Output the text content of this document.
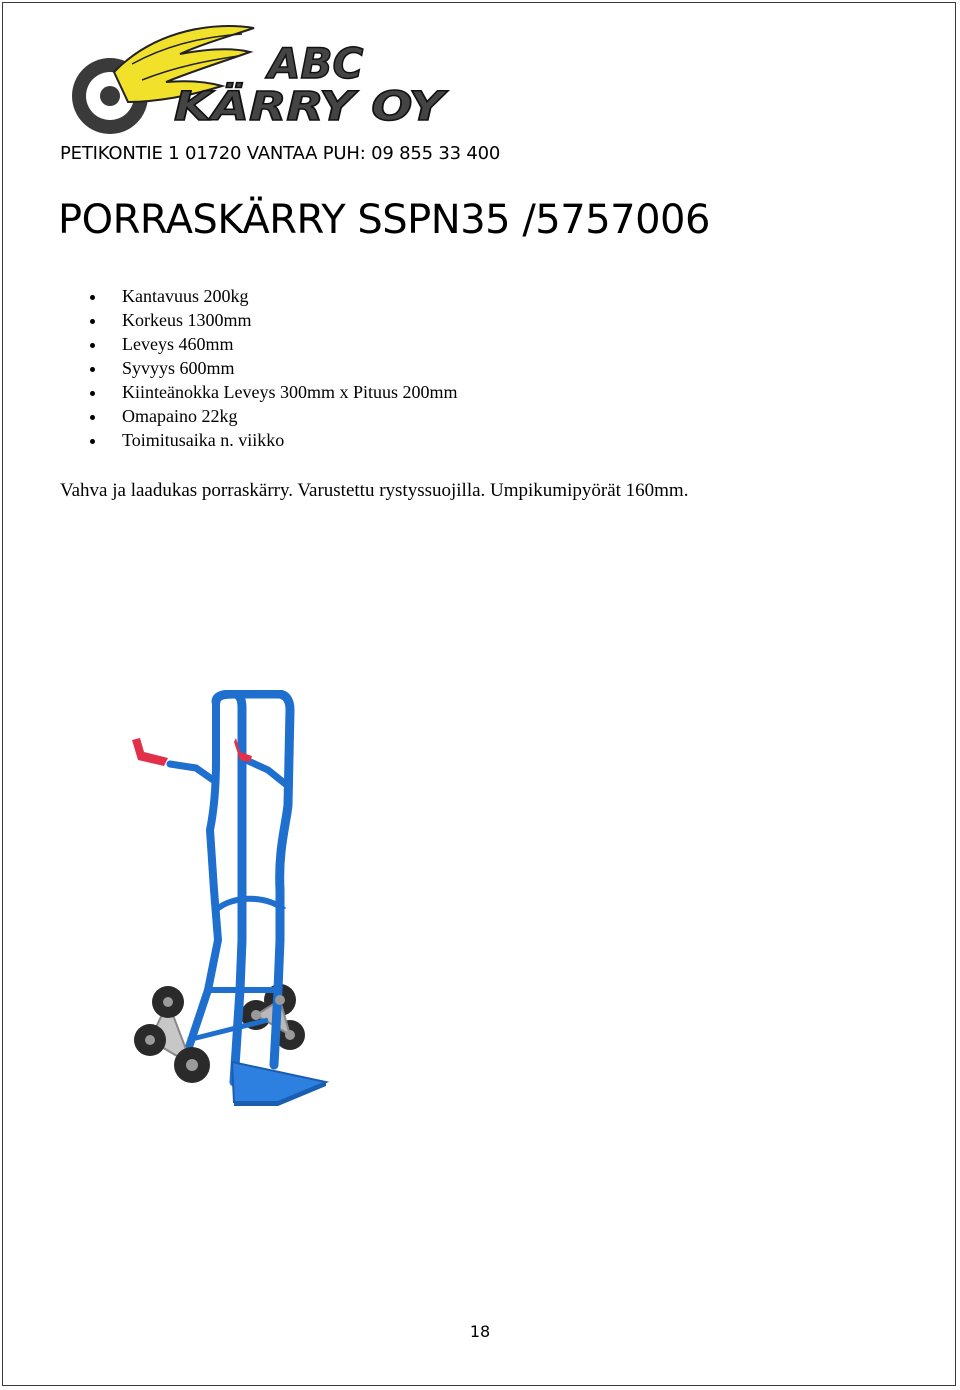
ABC
KÄRRY OY

PETIKONTIE 1 01720 VANTAA PUH: 09 855 33 400

PORRASKÄRRY SSPN35 /5757006
Kantavuus 200kg
Korkeus 1300mm
Leveys 460mm
Syvyys 600mm
Kiinteänokka Leveys 300mm x Pituus 200mm
Omapaino 22kg
Toimitusaika n. viikko

Vahva ja laadukas porraskärry. Varustettu rystyssuojilla. Umpikumipyörät 160mm.

18
